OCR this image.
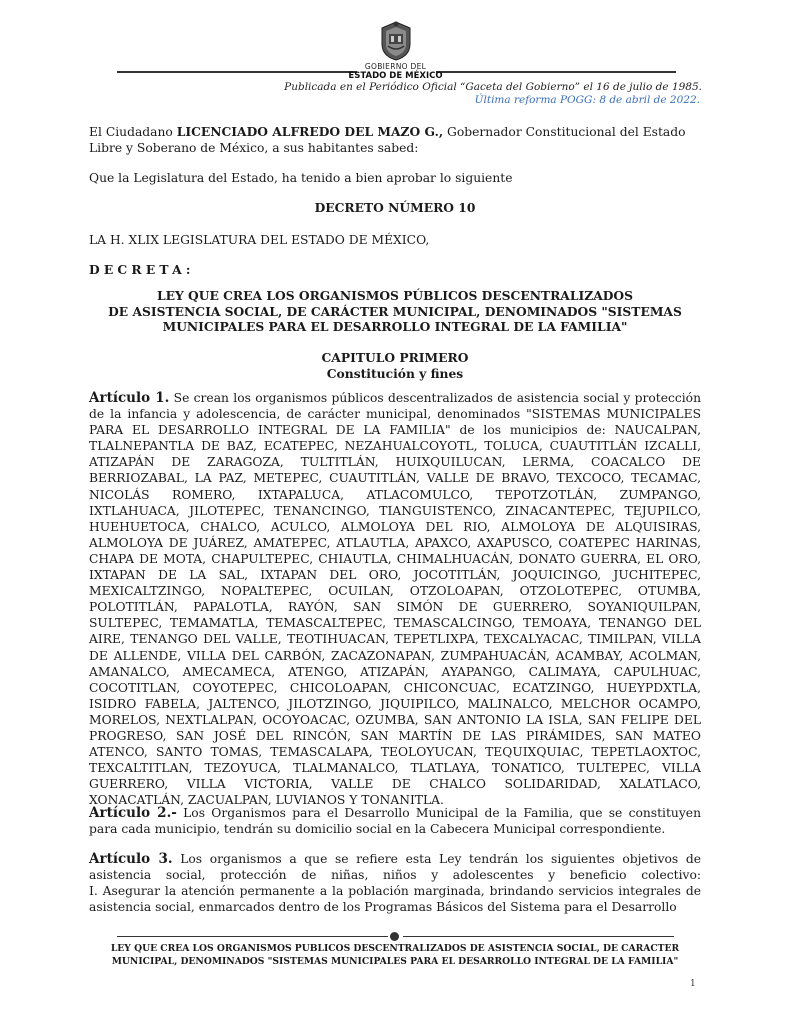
GOBIERNO DEL
ESTADO DE MÉXICO
Publicada en el Periódico Oficial “Gaceta del Gobierno” el 16 de julio de 1985.
Última reforma POGG: 8 de abril de 2022.
El Ciudadano LICENCIADO ALFREDO DEL MAZO G., Gobernador Constitucional del Estado
Libre y Soberano de México, a sus habitantes sabed:
Que la Legislatura del Estado, ha tenido a bien aprobar lo siguiente
DECRETO NÚMERO 10
LA H. XLIX LEGISLATURA DEL ESTADO DE MÉXICO,
DECRETA:
LEY QUE CREA LOS ORGANISMOS PÚBLICOS DESCENTRALIZADOS
DE ASISTENCIA SOCIAL, DE CARÁCTER MUNICIPAL, DENOMINADOS "SISTEMAS
MUNICIPALES PARA EL DESARROLLO INTEGRAL DE LA FAMILIA"
CAPITULO PRIMERO
Constitución y fines
Artículo 1. Se crean los organismos públicos descentralizados de asistencia social y protección
de la infancia y adolescencia, de carácter municipal, denominados "SISTEMAS MUNICIPALES
PARA EL DESARROLLO INTEGRAL DE LA FAMILIA" de los municipios de: NAUCALPAN,
TLALNEPANTLA DE BAZ, ECATEPEC, NEZAHUALCOYOTL, TOLUCA, CUAUTITLÁN IZCALLI,
ATIZAPÁN DE ZARAGOZA, TULTITLÁN, HUIXQUILUCAN, LERMA, COACALCO DE
BERRIOZABAL, LA PAZ, METEPEC, CUAUTITLÁN, VALLE DE BRAVO, TEXCOCO, TECAMAC,
NICOLÁS ROMERO, IXTAPALUCA, ATLACOMULCO, TEPOTZOTLÁN, ZUMPANGO,
IXTLAHUACA, JILOTEPEC, TENANCINGO, TIANGUISTENCO, ZINACANTEPEC, TEJUPILCO,
HUEHUETOCA, CHALCO, ACULCO, ALMOLOYA DEL RIO, ALMOLOYA DE ALQUISIRAS,
ALMOLOYA DE JUÁREZ, AMATEPEC, ATLAUTLA, APAXCO, AXAPUSCO, COATEPEC HARINAS,
CHAPA DE MOTA, CHAPULTEPEC, CHIAUTLA, CHIMALHUACÁN, DONATO GUERRA, EL ORO,
IXTAPAN DE LA SAL, IXTAPAN DEL ORO, JOCOTITLÁN, JOQUICINGO, JUCHITEPEC,
MEXICALTZINGO, NOPALTEPEC, OCUILAN, OTZOLOAPAN, OTZOLOTEPEC, OTUMBA,
POLOTITLÁN, PAPALOTLA, RAYÓN, SAN SIMÓN DE GUERRERO, SOYANIQUILPAN,
SULTEPEC, TEMAMATLA, TEMASCALTEPEC, TEMASCALCINGO, TEMOAYA, TENANGO DEL
AIRE, TENANGO DEL VALLE, TEOTIHUACAN, TEPETLIXPA, TEXCALYACAC, TIMILPAN, VILLA
DE ALLENDE, VILLA DEL CARBÓN, ZACAZONAPAN, ZUMPAHUACÁN, ACAMBAY, ACOLMAN,
AMANALCO, AMECAMECA, ATENGO, ATIZAPÁN, AYAPANGO, CALIMAYA, CAPULHUAC,
COCOTITLAN, COYOTEPEC, CHICOLOAPAN, CHICONCUAC, ECATZINGO, HUEYPDXTLA,
ISIDRO FABELA, JALTENCO, JILOTZINGO, JIQUIPILCO, MALINALCO, MELCHOR OCAMPO,
MORELOS, NEXTLALPAN, OCOYOACAC, OZUMBA, SAN ANTONIO LA ISLA, SAN FELIPE DEL
PROGRESO, SAN JOSÉ DEL RINCÓN, SAN MARTÍN DE LAS PIRÁMIDES, SAN MATEO
ATENCO, SANTO TOMAS, TEMASCALAPA, TEOLOYUCAN, TEQUIXQUIAC, TEPETLAOXTOC,
TEXCALTITLAN, TEZOYUCA, TLALMANALCO, TLATLAYA, TONATICO, TULTEPEC, VILLA
GUERRERO, VILLA VICTORIA, VALLE DE CHALCO SOLIDARIDAD, XALATLACO,
XONACATLÁN, ZACUALPAN, LUVIANOS Y TONANITLA.
Artículo 2.- Los Organismos para el Desarrollo Municipal de la Familia, que se constituyen
para cada municipio, tendrán su domicilio social en la Cabecera Municipal correspondiente.
Artículo 3. Los organismos a que se refiere esta Ley tendrán los siguientes objetivos de
asistencia social, protección de niñas, niños y adolescentes y beneficio colectivo:
I. Asegurar la atención permanente a la población marginada, brindando servicios integrales de
asistencia social, enmarcados dentro de los Programas Básicos del Sistema para el Desarrollo
LEY QUE CREA LOS ORGANISMOS PUBLICOS DESCENTRALIZADOS DE ASISTENCIA SOCIAL, DE CARACTER
MUNICIPAL, DENOMINADOS "SISTEMAS MUNICIPALES PARA EL DESARROLLO INTEGRAL DE LA FAMILIA"
1
